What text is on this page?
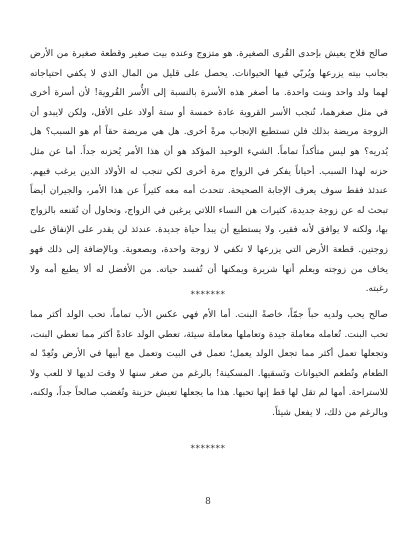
صالح فلاح يعيش بإحدى القُرى الصغيرة. هو متزوج وعنده بيت صغير وقطعة صغيرة من الأرض بجانب بيته يزرعها ويُربّي فيها الحيوانات. يحصل على قليل من المال الذي لا يكفي احتياجاته لهما ولد واحد وبنت واحدة. ما أصغر هذه الأسرة بالنسبة إلى الأُسر القُروية! لأن أسرة أخرى في مثل صغرهما، تُنجب الأسر القروية عادة خمسة أو ستة أولاد على الأقل، ولكن لايبدو أن الزوجة مريضة بذلك فلن تستطيع الإنجاب مرةً أخرى. هل هي مريضة حقاً أم هو السبب؟ هل يُدريه؟ هو ليس متأكداً تماماً. الشيء الوحيد المؤكد هو أن هذا الأمر يُحزنه جداً. أما عن مثل حزنه لهذا السبب. أحياناً يفكر في الزواج مرة أخرى لكي تنجب له الأولاد الذين يرغب فيهم. عندئذ فقط سوف يعرف الإجابة الصحيحة. تتحدث أمه معه كثيراً عن هذا الأمر، والجيران أيضاً تبحث له عن زوجة جديدة، كثيرات هن النساء اللاتي يرغبن في الزواج، وتحاول أن تُقنعه بالزواج بها، ولكنه لا يوافق لأنه فقير، ولا يستطيع أن يبدأ حياة جديدة. عندئذ لن يقدر على الإنفاق على زوجتين. قطعة الأرض التي يزرعها لا تكفي لا زوجة واحدة، وبصعوبة. وبالإضافة إلى ذلك فهو يخاف من زوجته ويعلم أنها شريرة ويمكنها أن تُفسد حياته. من الأفضل له ألا يطيع أمه ولا رغبته.

*******

صالح يحب ولديه حباً جمّاً، خاصةً البنت. أما الأم فهي عكس الأب تماماً، تحب الولد أكثر مما تحب البنت. تُعامله معاملة جيدة وتعاملها معاملة سيئة، تعطي الولد عادةً أكثر مما تعطي البنت، وتجعلها تعمل أكثر مما تجعل الولد يعمل؛ تعمل في البيت وتعمل مع أبيها في الأرض وتُعِدّ له الطعام وتُطعم الحيوانات وتَسقيها. المسكينة! بالرغم من صغر سنها لا وقت لديها لا للعب ولا للاستراحة. أمها لم تقل لها قط إنها تحبها. هذا ما يجعلها تعيش حزينة وتُغضب صالحاً جداً، ولكنه، وبالرغم من ذلك، لا يفعل شيئاً.

*******
8
